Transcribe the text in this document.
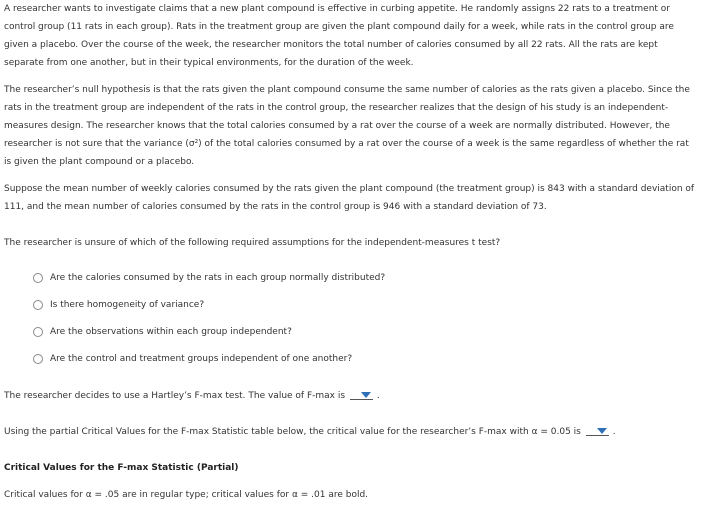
A researcher wants to investigate claims that a new plant compound is effective in curbing appetite. He randomly assigns 22 rats to a treatment or control group (11 rats in each group). Rats in the treatment group are given the plant compound daily for a week, while rats in the control group are given a placebo. Over the course of the week, the researcher monitors the total number of calories consumed by all 22 rats. All the rats are kept separate from one another, but in their typical environments, for the duration of the week.

The researcher’s null hypothesis is that the rats given the plant compound consume the same number of calories as the rats given a placebo. Since the rats in the treatment group are independent of the rats in the control group, the researcher realizes that the design of his study is an independent-measures design. The researcher knows that the total calories consumed by a rat over the course of a week are normally distributed. However, the researcher is not sure that the variance (σ²) of the total calories consumed by a rat over the course of a week is the same regardless of whether the rat is given the plant compound or a placebo.

Suppose the mean number of weekly calories consumed by the rats given the plant compound (the treatment group) is 843 with a standard deviation of 111, and the mean number of calories consumed by the rats in the control group is 946 with a standard deviation of 73.

The researcher is unsure of which of the following required assumptions for the independent-measures t test?

Are the calories consumed by the rats in each group normally distributed?
Is there homogeneity of variance?
Are the observations within each group independent?
Are the control and treatment groups independent of one another?

The researcher decides to use a Hartley’s F-max test. The value of F-max is	.

Using the partial Critical Values for the F-max Statistic table below, the critical value for the researcher’s F-max with α = 0.05 is	.

Critical Values for the F-max Statistic (Partial)

Critical values for α = .05 are in regular type; critical values for α = .01 are bold.
